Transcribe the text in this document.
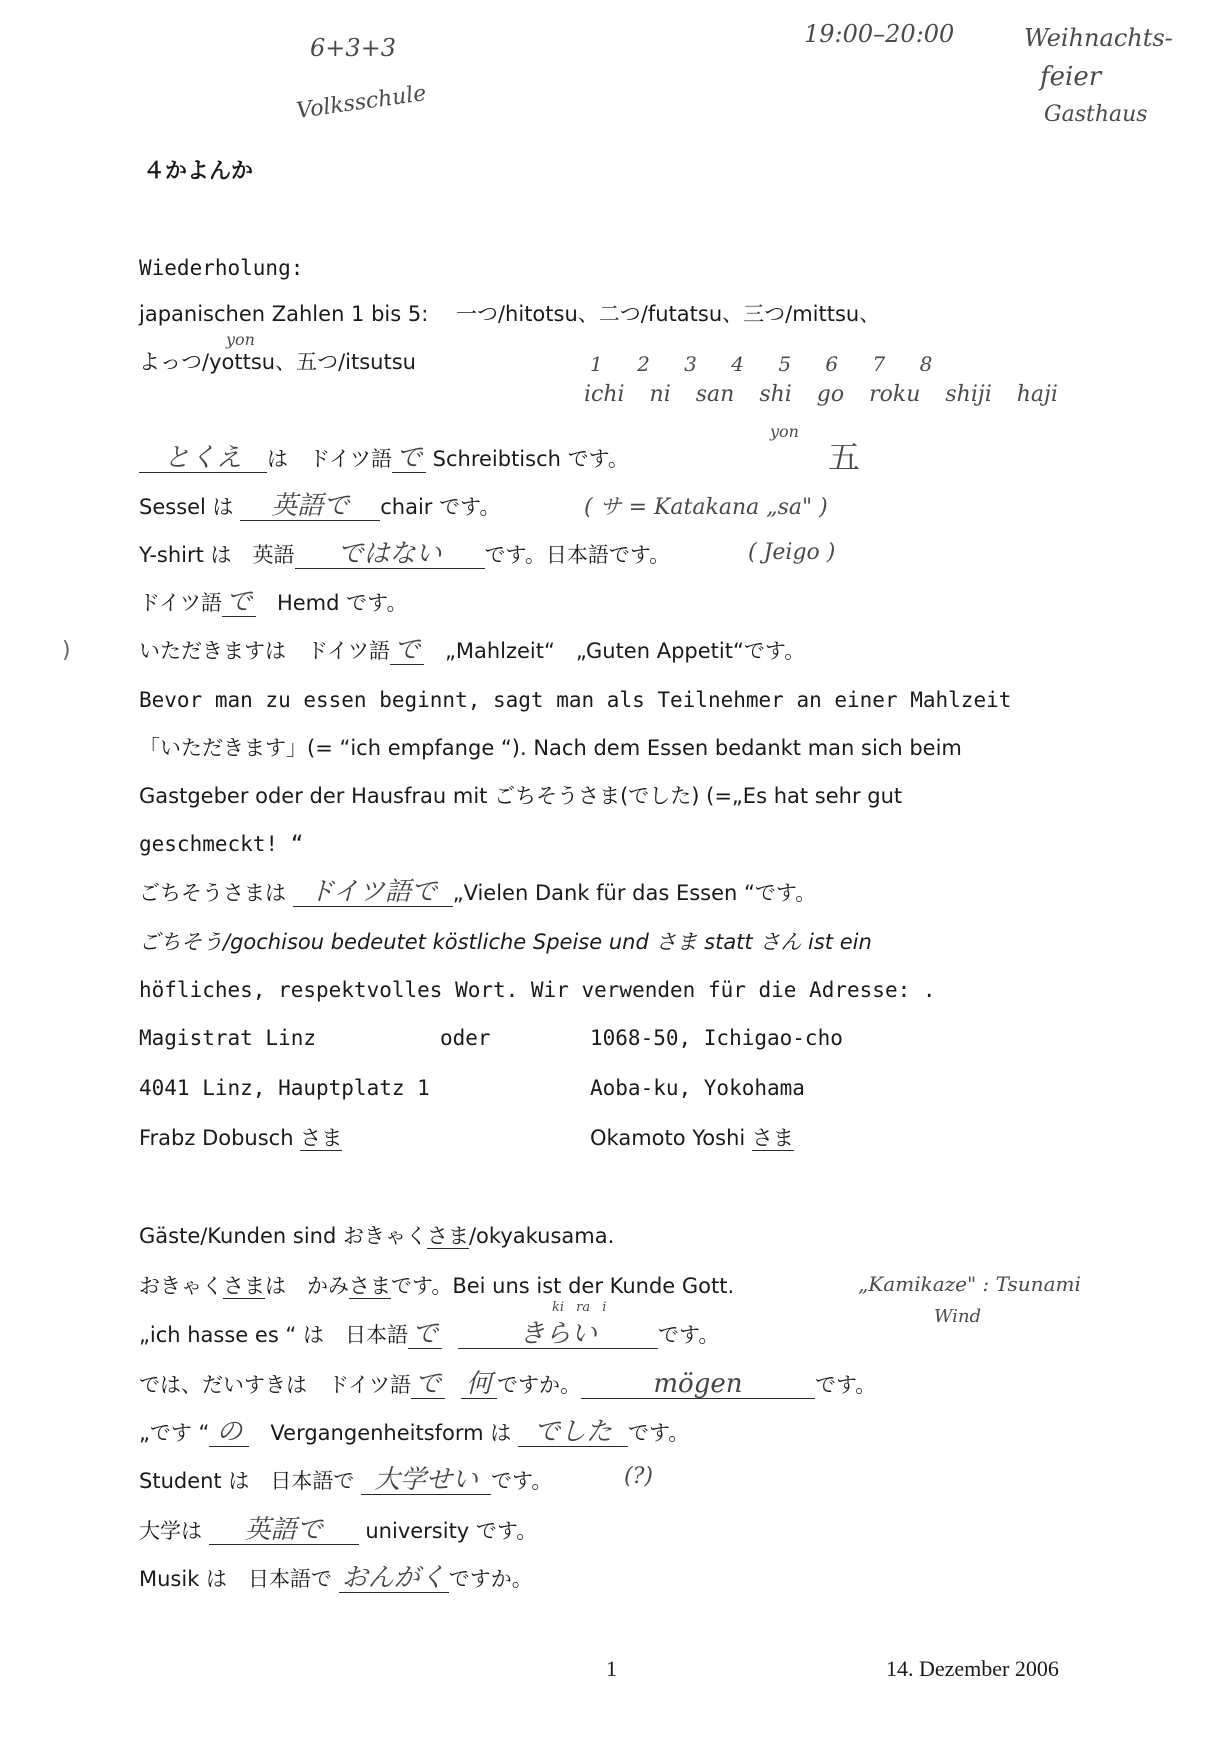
6+3+3
Volksschule
19:00–20:00	Weihnachts-
feier
Gasthaus
４かよんか
Wiederholung:
japanischen Zahlen 1 bis 5:　 一つ/hitotsu、二つ/futatsu、三つ/mittsu、
yon
よっつ/yottsu、五つ/itsutsu	1 2 3 4 5 6 7 8
ichi ni san shi go roku shiji haji
yon
五
とくえ は　ドイツ語 で Schreibtisch です。
Sessel は 英語で chair です。	( サ = Katakana „sa" )
Y-shirt は　英語 ではない です。日本語です。	( Jeigo )
ドイツ語 で　Hemd です。
)	いただきますは　ドイツ語 で　„Mahlzeit“　„Guten Appetit“です。
Bevor man zu essen beginnt, sagt man als Teilnehmer an einer Mahlzeit
「いただきます」(= “ich empfange “). Nach dem Essen bedankt man sich beim
Gastgeber oder der Hausfrau mit ごちそうさま(でした) (=„Es hat sehr gut
geschmeckt! “
ごちそうさまは ドイツ語で „Vielen Dank für das Essen “です。
ごちそう/gochisou bedeutet köstliche Speise und さま statt さん ist ein
höfliches, respektvolles Wort. Wir verwenden für die Adresse: .
Magistrat Linz	oder	1068-50, Ichigao-cho
4041 Linz, Hauptplatz 1	Aoba-ku, Yokohama
Frabz Dobusch さま	Okamoto Yoshi さま
Gäste/Kunden sind おきゃくさま/okyakusama.
おきゃくさまは　かみさまです。Bei uns ist der Kunde Gott.	„Kamikaze" : Tsunami
Wind
ki ra i
„ich hasse es “ は　日本語 で	きらい	です。
では、だいすきは　ドイツ語 で 何 ですか。	mögen	です。
„です “ の　Vergangenheitsform は でした です。
Student は　日本語で 大学せい です。	(?)
大学は 英語で university です。
Musik は　日本語で おんがく ですか。
1	14. Dezember 2006
